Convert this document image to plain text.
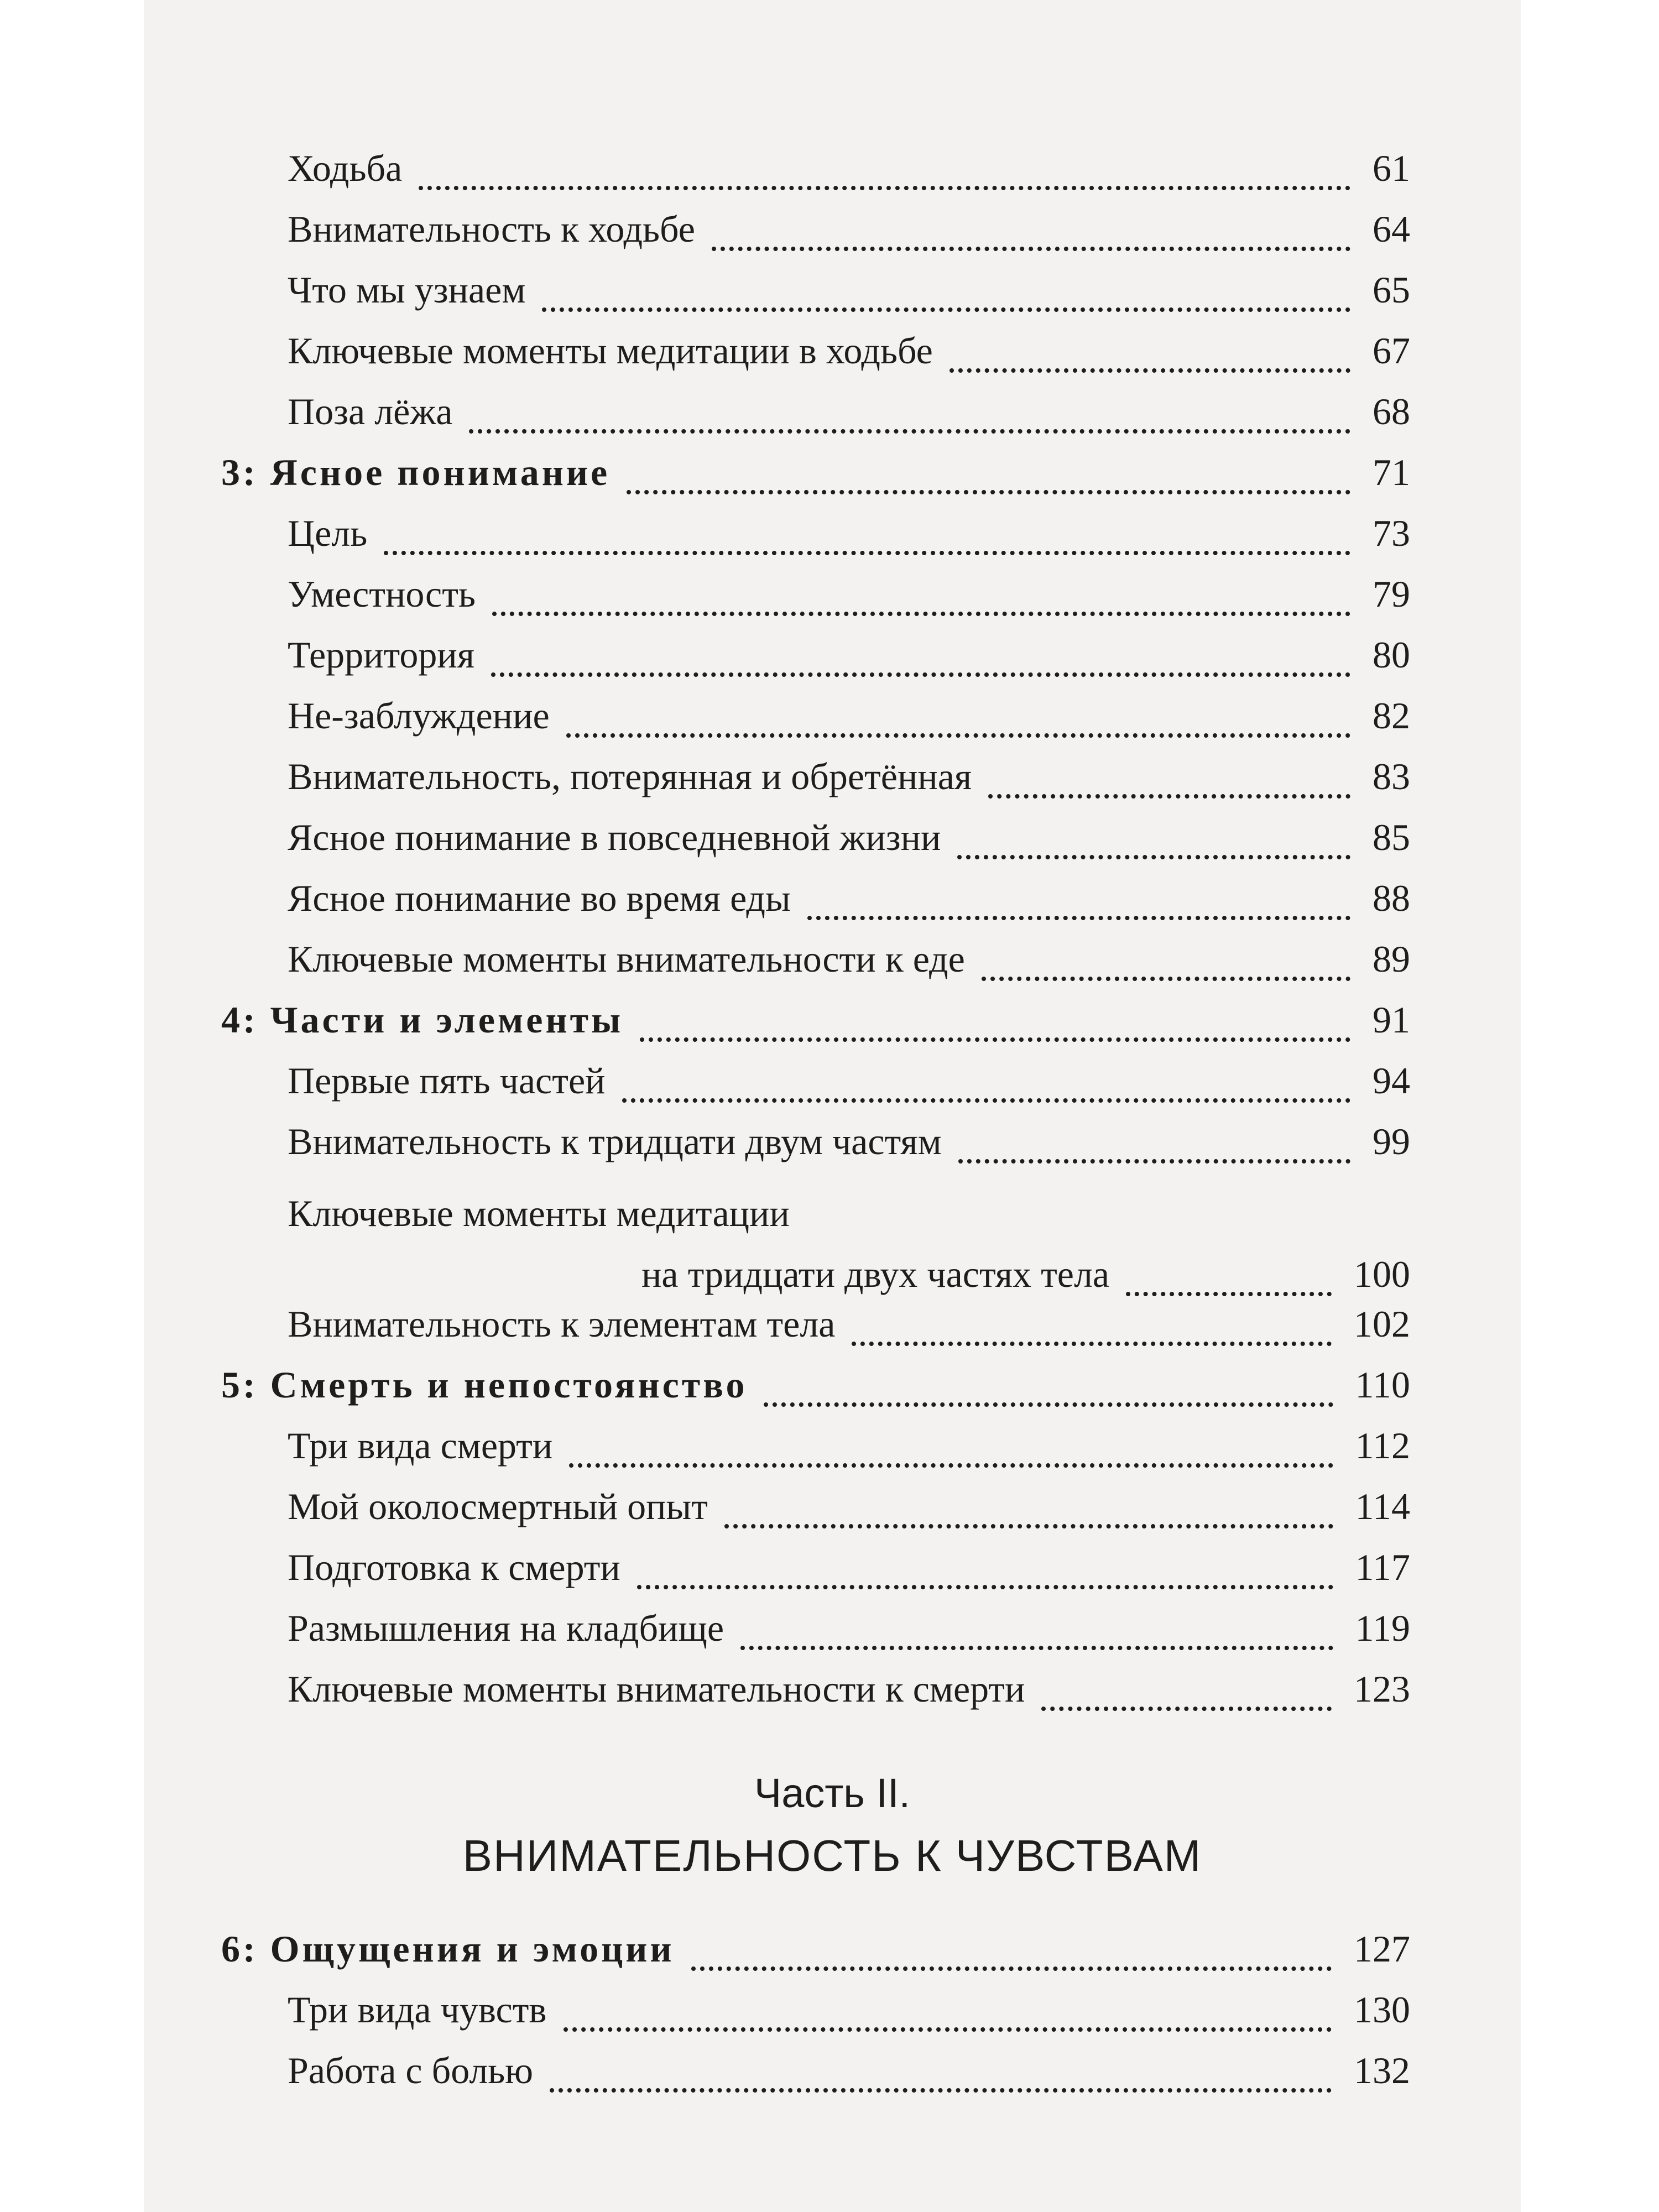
Ходьба	61
Внимательность к ходьбе	64
Что мы узнаем	65
Ключевые моменты медитации в ходьбе	67
Поза лёжа	68
3: Ясное понимание	71
Цель	73
Уместность	79
Территория	80
Не-заблуждение	82
Внимательность, потерянная и обретённая	83
Ясное понимание в повседневной жизни	85
Ясное понимание во время еды	88
Ключевые моменты внимательности к еде	89
4: Части и элементы	91
Первые пять частей	94
Внимательность к тридцати двум частям	99
Ключевые моменты медитации
на тридцати двух частях тела	100
Внимательность к элементам тела	102
5: Смерть и непостоянство	110
Три вида смерти	112
Мой околосмертный опыт	114
Подготовка к смерти	117
Размышления на кладбище	119
Ключевые моменты внимательности к смерти	123
6: Ощущения и эмоции	127
Три вида чувств	130
Работа с болью	132
Часть II.
ВНИМАТЕЛЬНОСТЬ К ЧУВСТВАМ
